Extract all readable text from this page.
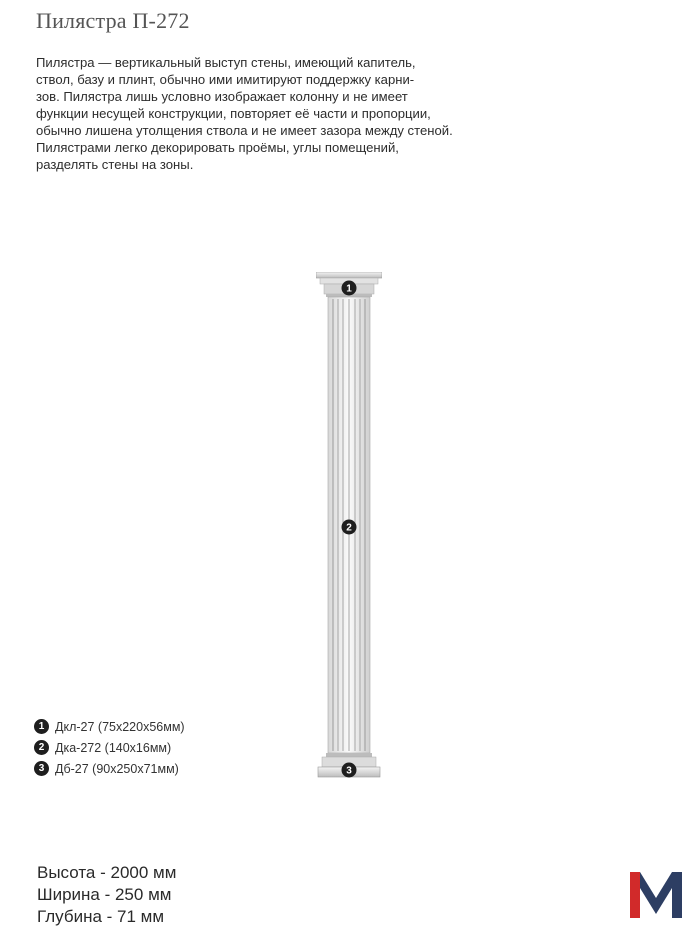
Пилястра П-272

Пилястра — вертикальный выступ стены, имеющий капитель,

ствол, базу и плинт, обычно ими имитируют поддержку карни-

зов. Пилястра лишь условно изображает колонну и не имеет

функции несущей конструкции, повторяет её части и пропорции,

обычно лишена утолщения ствола и не имеет зазора между стеной.

Пилястрами легко декорировать проёмы, углы помещений,

разделять стены на зоны.

1
2
3
1 Дкл-27 (75x220x56мм)
2 Дка-272 (140x16мм)
3 Дб-27 (90x250x71мм)
Высота - 2000 мм
Ширина - 250 мм
Глубина - 71 мм
